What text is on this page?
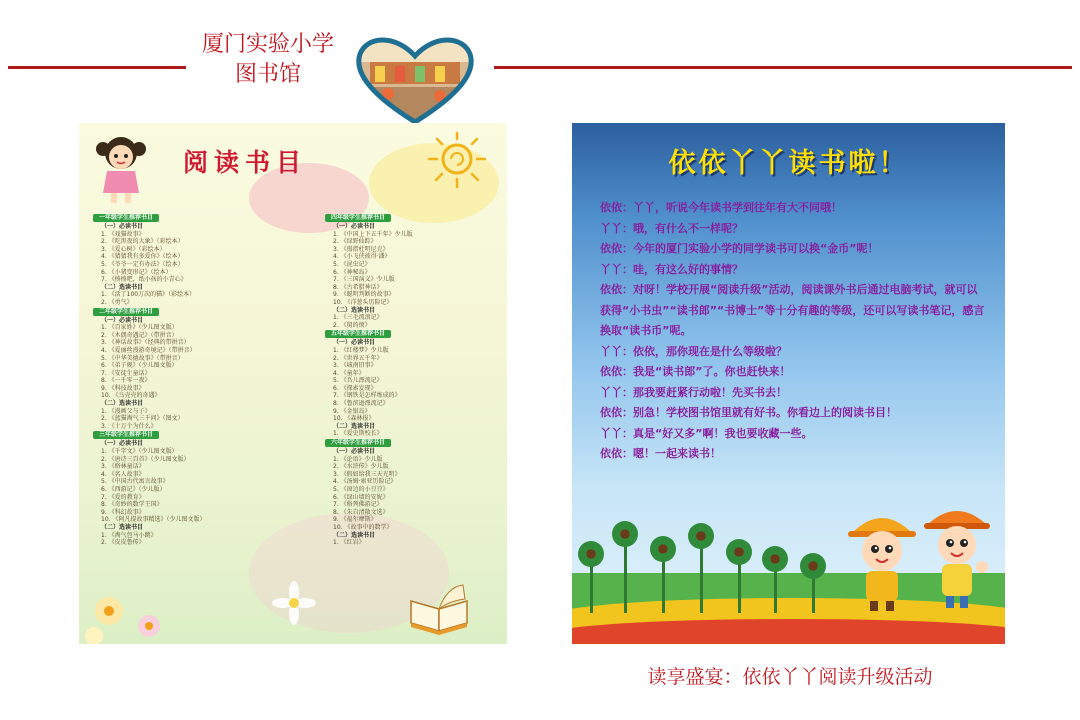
厦门实验小学
图书馆
阅读书目
一年级学生推荐书目
（一）必读书目
1. 《戏猫故事》
2. 《吃黑夜的大象》（彩绘本）
3. 《爱心树》（彩绘本）
4. 《猜猜我有多爱你》（绘本）
5. 《爷爷一定有办法》（绘本）
6. 《小猪变形记》（绘本）
7. 《揍揍吧，纸小孩的小青心》
（二）选读书目
1. 《活了100万次的猫》（彩绘本）
2. 《勇气》
二年级学生推荐书目
（一）必读书目
1. 《百家姓》（少儿图文版）
2. 《木偶奇遇记》（带拼音）
3. 《神话故事》（经典的带拼音）
4. 《爱丽丝漫游奇境记》（带拼音）
5. 《中华美德故事》（带拼音）
6. 《弟子规》（少儿图文版）
7. 《安徒生童话》
8. 《一千零一夜》
9. 《科技故事》
10. 《乌壳壳的奇遇》
（二）选读书目
1. 《漫画父与子》
2. 《蓝猫淘气三千问》（图文）
3. 《十万个为什么》
三年级学生推荐书目
（一）必读书目
1. 《千字文》（少儿图文版）
2. 《唐诗三百首》（少儿图文版）
3. 《格林童话》
4. 《名人故事》
5. 《中国古代寓言故事》
6. 《西游记》（少儿版）
7. 《爱的教育》
8. 《奇妙的数学王国》
9. 《科幻故事》
10. 《阿凡提故事精选》（少儿图文版）
（二）选读书目
1. 《淘气包马小跳》
2. 《皮皮鲁传》
四年级学生推荐书目
（一）必读书目
1. 《中国上下五千年》少儿版
2. 《绿野仙踪》
3. 《拇指杜明尼克》
4. 《小飞侠彼得·潘》
5. 《昆虫记》
6. 《神秘岛》
7. 《三国演义》少儿版
8. 《古希腊神话》
9. 《聪明判断的故事》
10. 《洋葱头历险记》
（二）选读书目
1. 《三毛流浪记》
2. 《舅的烦》
五年级学生推荐书目
（一）必读书目
1. 《红楼梦》少儿版
2. 《世界五千年》
3. 《城南旧事》
4. 《童年》
5. 《吾儿漂流记》
6. 《探索发现》
7. 《钢铁是怎样炼成的》
8. 《鲁滨逊漂流记》
9. 《金银岛》
10. 《森林报》
（二）选读书目
1. 《爱史斯校长》
六年级学生推荐书目
（一）必读书目
1. 《论语》少儿版
2. 《水浒传》少儿版
3. 《假如给我三天光明》
4. 《汤姆·索亚历险记》
5. 《窗边的小豆豆》
6. 《绿山墙的安妮》
7. 《格列佛游记》
8. 《朱自清散文选》
9. 《福尔摩斯》
10. 《故事中的数学》
（二）选读书目
1. 《红岩》
依依丫丫读书啦！
依依：丫丫，听说今年读书学到往年有大不同哦！
丫丫：哦，有什么不一样呢？
依依：今年的厦门实验小学的同学读书可以换“金币”呢！
丫丫：哇，有这么好的事情？
依依：对呀！学校开展“阅读升级”活动，阅读课外书后通过电脑考试，就可以获得“小书虫”“读书郎”“书博士”等十分有趣的等级，还可以写读书笔记，感言换取“读书币”呢。
丫丫：依依，那你现在是什么等级啦？
依依：我是“读书郎”了。你也赶快来！
丫丫：那我要赶紧行动啦！先买书去！
依依：别急！学校图书馆里就有好书。你看边上的阅读书目！
丫丫：真是“好又多”啊！我也要收藏一些。
依依：嗯！一起来读书！
读享盛宴：依依丫丫阅读升级活动
